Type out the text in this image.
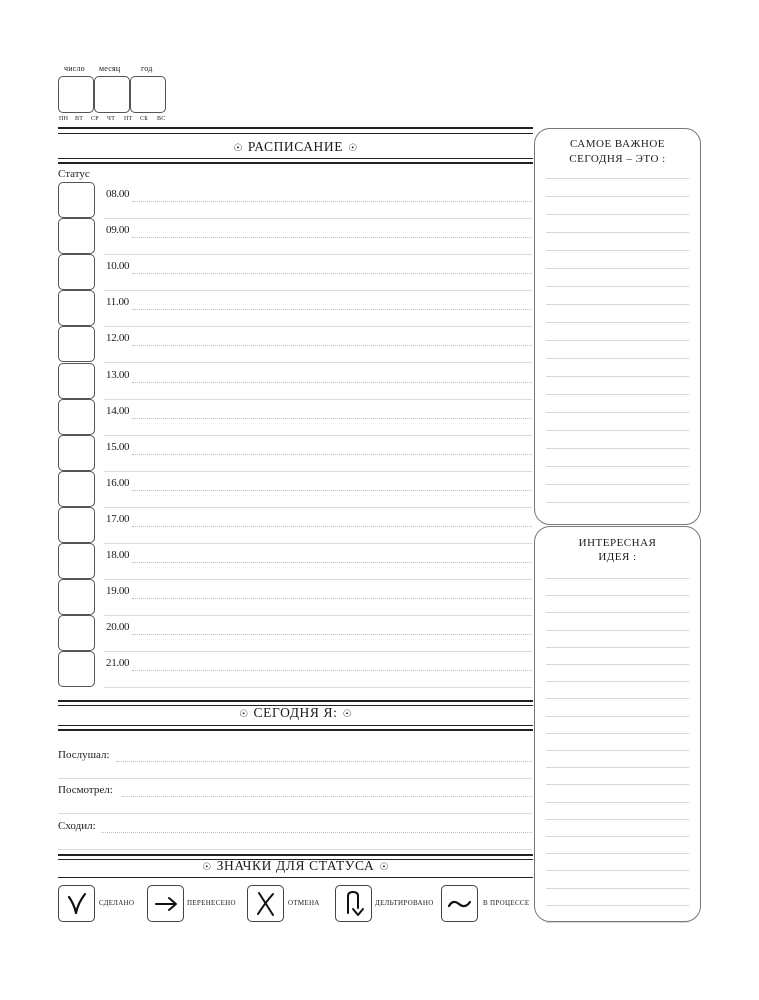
число месяц	год
ПН ВТ СР ЧТ ПТ СБ ВС
☉ РАСПИСАНИЕ ☉
Статус
08.00
09.00
10.00
11.00
12.00
13.00
14.00
15.00
16.00
17.00
18.00
19.00
20.00
21.00
☉ СЕГОДНЯ Я: ☉
Послушал:
Посмотрел:
Сходил:
☉ ЗНАЧКИ ДЛЯ СТАТУСА ☉
СДЕЛАНО	ПЕРЕНЕСЕНО	ОТМЕНА	ДЕЛЬТИРОВАНО	В ПРОЦЕССЕ
САМОЕ ВАЖНОЕ
СЕГОДНЯ – ЭТО :
ИНТЕРЕСНАЯ
ИДЕЯ :
